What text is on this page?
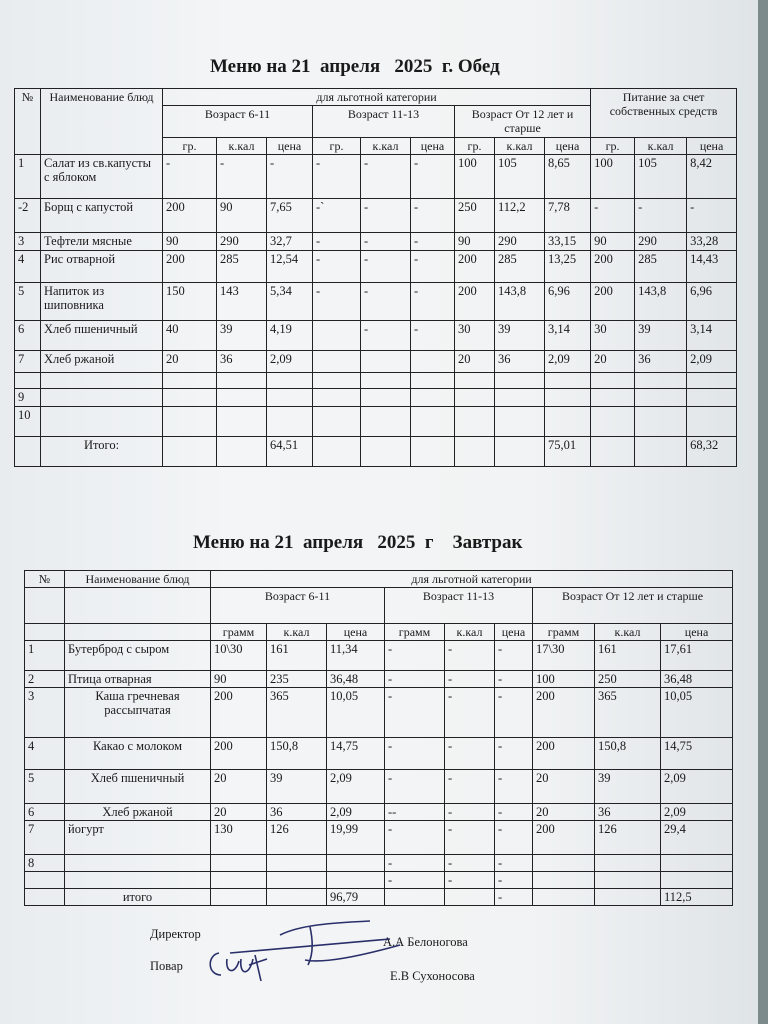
Меню на 21  апреля   2025  г. Обед
№	Наименование блюд	для льготной категории									Питание за счет собственных средств		
		Возраст 6-11			Возраст 11-13			Возраст От 12 лет и старше					
		гр.	к.кал	цена	гр.	к.кал	цена	гр.	к.кал	цена	гр.	к.кал	цена
1	Салат из св.капусты с яблоком	-	-	-	-	-	-	100	105	8,65	100	105	8,42
-2	Борщ с капустой	200	90	7,65	-`	-	-	250	112,2	7,78	-	-	-
3	Тефтели мясные	90	290	32,7	-	-	-	90	290	33,15	90	290	33,28
4	Рис отварной	200	285	12,54	-	-	-	200	285	13,25	200	285	14,43
5	Напиток из шиповника	150	143	5,34	-	-	-	200	143,8	6,96	200	143,8	6,96
6	Хлеб пшеничный	40	39	4,19		-	-	30	39	3,14	30	39	3,14
7	Хлеб ржаной	20	36	2,09				20	36	2,09	20	36	2,09

9													
10													
	Итого:			64,51						75,01			68,32
Меню на 21  апреля   2025  г    Завтрак
№	Наименование блюд	для льготной категории								
		Возраст 6-11			Возраст 11-13			Возраст От 12 лет и старше		
		грамм	к.кал	цена	грамм	к.кал	цена	грамм	к.кал	цена
1	Бутерброд с сыром	10\30	161	11,34	-	-	-	17\30	161	17,61
2	Птица отварная	90	235	36,48	-	-	-	100	250	36,48
3	Каша гречневая рассыпчатая	200	365	10,05	-	-	-	200	365	10,05
4	Какао с молоком	200	150,8	14,75	-	-	-	200	150,8	14,75
5	Хлеб пшеничный	20	39	2,09	-	-	-	20	39	2,09
6	Хлеб ржаной	20	36	2,09	--	-	-	20	36	2,09
7	йогурт	130	126	19,99	-	-	-	200	126	29,4
8					-	-	-			
					-	-	-			
	итого			96,79			-			112,5
Директор
А.А Белоногова
Повар
Е.В Сухоносова
